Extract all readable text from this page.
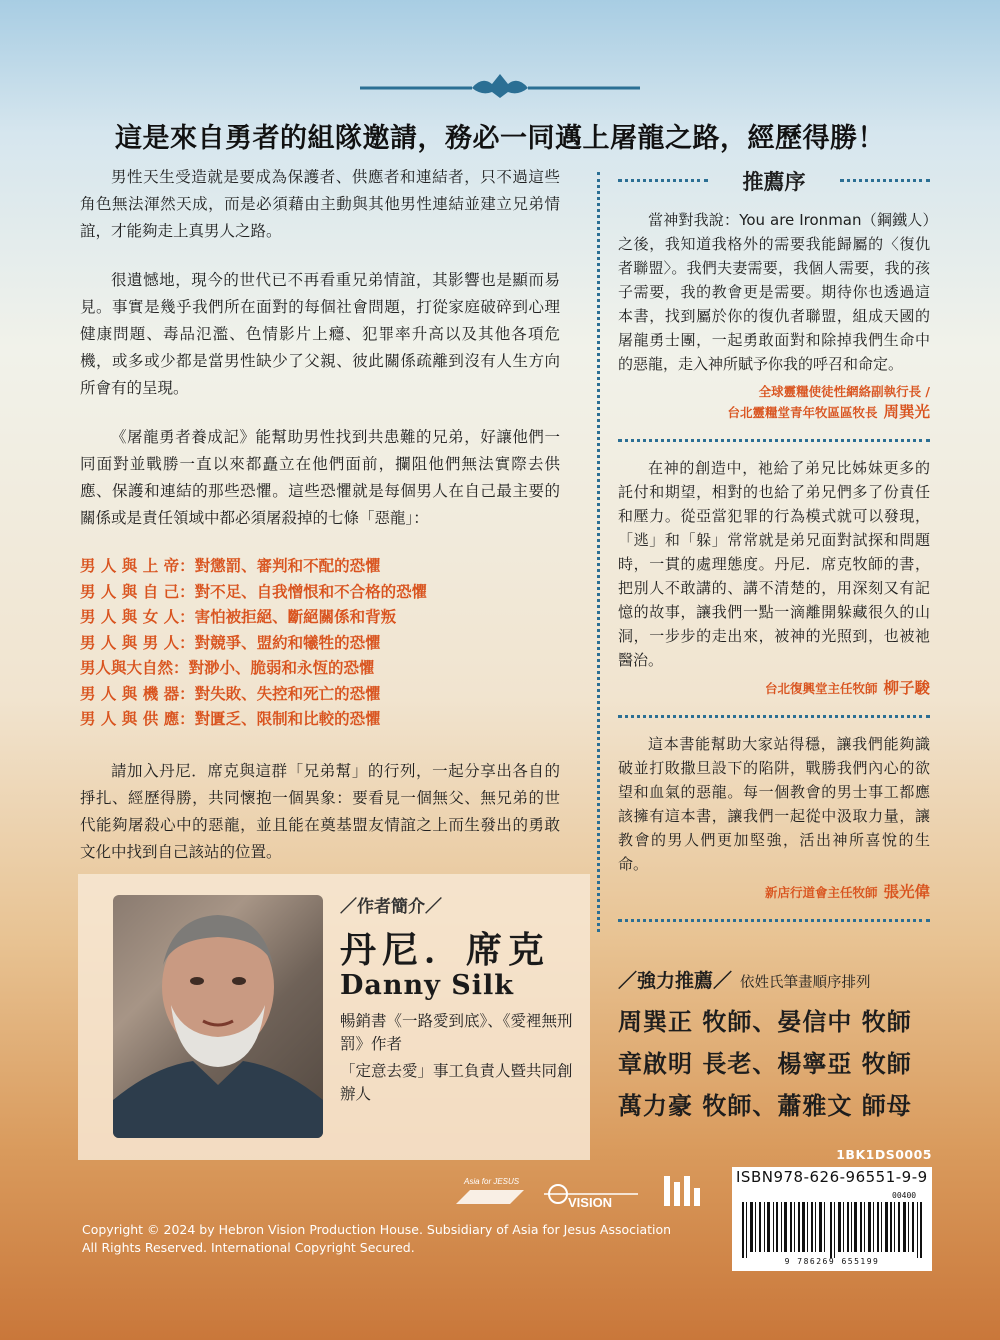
這是來自勇者的組隊邀請，務必一同邁上屠龍之路，經歷得勝！

男性天生受造就是要成為保護者、供應者和連結者，只不過這些角色無法渾然天成，而是必須藉由主動與其他男性連結並建立兄弟情誼，才能夠走上真男人之路。

很遺憾地，現今的世代已不再看重兄弟情誼，其影響也是顯而易見。事實是幾乎我們所在面對的每個社會問題，打從家庭破碎到心理健康問題、毒品氾濫、色情影片上癮、犯罪率升高以及其他各項危機，或多或少都是當男性缺少了父親、彼此關係疏離到沒有人生方向所會有的呈現。

《屠龍勇者養成記》能幫助男性找到共患難的兄弟，好讓他們一同面對並戰勝一直以來都矗立在他們面前，攔阻他們無法實際去供應、保護和連結的那些恐懼。這些恐懼就是每個男人在自己最主要的關係或是責任領域中都必須屠殺掉的七條「惡龍」：

男 人 與 上 帝：對懲罰、審判和不配的恐懼
男 人 與 自 己：對不足、自我憎恨和不合格的恐懼
男 人 與 女 人：害怕被拒絕、斷絕關係和背叛
男 人 與 男 人：對競爭、盟約和犧牲的恐懼
男人與大自然：對渺小、脆弱和永恆的恐懼
男 人 與 機 器：對失敗、失控和死亡的恐懼
男 人 與 供 應：對匱乏、限制和比較的恐懼

請加入丹尼．席克與這群「兄弟幫」的行列，一起分享出各自的掙扎、經歷得勝，共同懷抱一個異象：要看見一個無父、無兄弟的世代能夠屠殺心中的惡龍，並且能在奠基盟友情誼之上而生發出的勇敢文化中找到自己該站的位置。

推薦序

當神對我說：You are Ironman（鋼鐵人）之後，我知道我格外的需要我能歸屬的〈復仇者聯盟〉。我們夫妻需要，我個人需要，我的孩子需要，我的教會更是需要。期待你也透過這本書，找到屬於你的復仇者聯盟，組成天國的屠龍勇士團，一起勇敢面對和除掉我們生命中的惡龍，走入神所賦予你我的呼召和命定。

全球靈糧使徒性網絡副執行長 /
台北靈糧堂青年牧區區牧長 周巽光

在神的創造中，祂給了弟兄比姊妹更多的託付和期望，相對的也給了弟兄們多了份責任和壓力。從亞當犯罪的行為模式就可以發現，「逃」和「躲」常常就是弟兄面對試探和問題時，一貫的處理態度。丹尼．席克牧師的書，把別人不敢講的、講不清楚的，用深刻又有記憶的故事，讓我們一點一滴離開躲藏很久的山洞，一步步的走出來，被神的光照到，也被祂醫治。

台北復興堂主任牧師 柳子駿

這本書能幫助大家站得穩，讓我們能夠識破並打敗撒旦設下的陷阱，戰勝我們內心的欲望和血氣的惡龍。每一個教會的男士事工都應該擁有這本書，讓我們一起從中汲取力量，讓教會的男人們更加堅強，活出神所喜悅的生命。

新店行道會主任牧師 張光偉
／作者簡介／
丹尼．席克
Danny Silk

暢銷書《一路愛到底》、《愛裡無刑罰》作者

「定意去愛」事工負責人暨共同創辦人

／強力推薦／ 依姓氏筆畫順序排列
周巽正 牧師、晏信中 牧師
章啟明 長老、楊寧亞 牧師
萬力豪 牧師、蕭雅文 師母
1BK1DS0005
ISBN978-626-96551-9-9
00400
9 786269 655199
Asia for JESUS
VISION

Copyright © 2024 by Hebron Vision Production House. Subsidiary of Asia for Jesus Association
All Rights Reserved. International Copyright Secured.
